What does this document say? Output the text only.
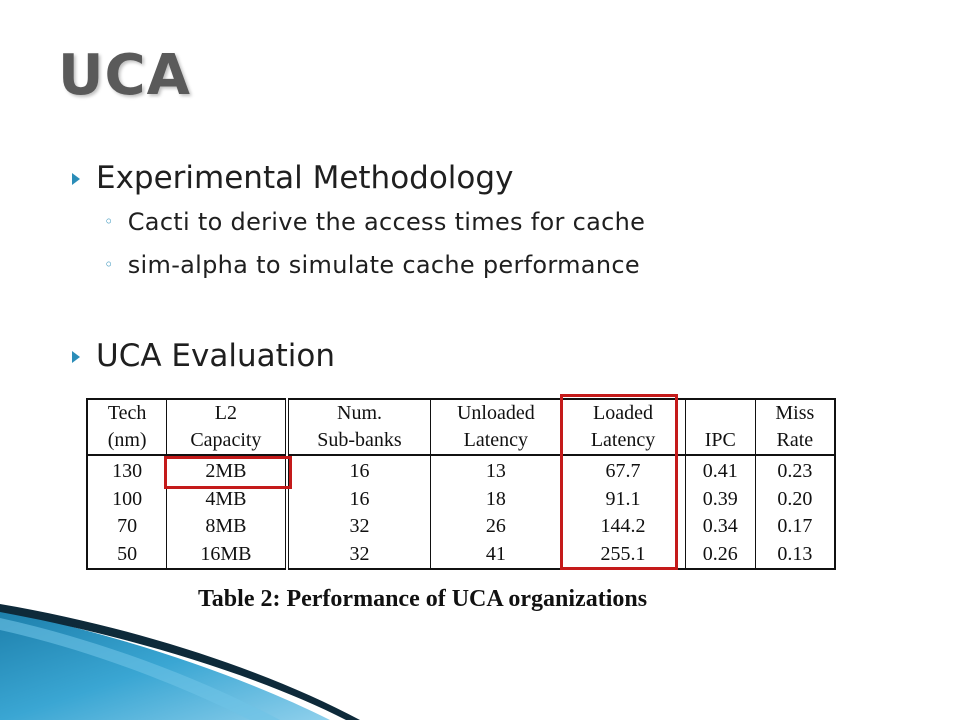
UCA
Experimental Methodology
◦ Cacti to derive the access times for cache
◦ sim-alpha to simulate cache performance
UCA Evaluation
Tech	L2	Num.	Unloaded	Loaded		Miss
(nm)	Capacity	Sub-banks	Latency	Latency	IPC	Rate
130	2MB	16	13	67.7	0.41	0.23
100	4MB	16	18	91.1	0.39	0.20
70	8MB	32	26	144.2	0.34	0.17
50	16MB	32	41	255.1	0.26	0.13
Table 2: Performance of UCA organizations
